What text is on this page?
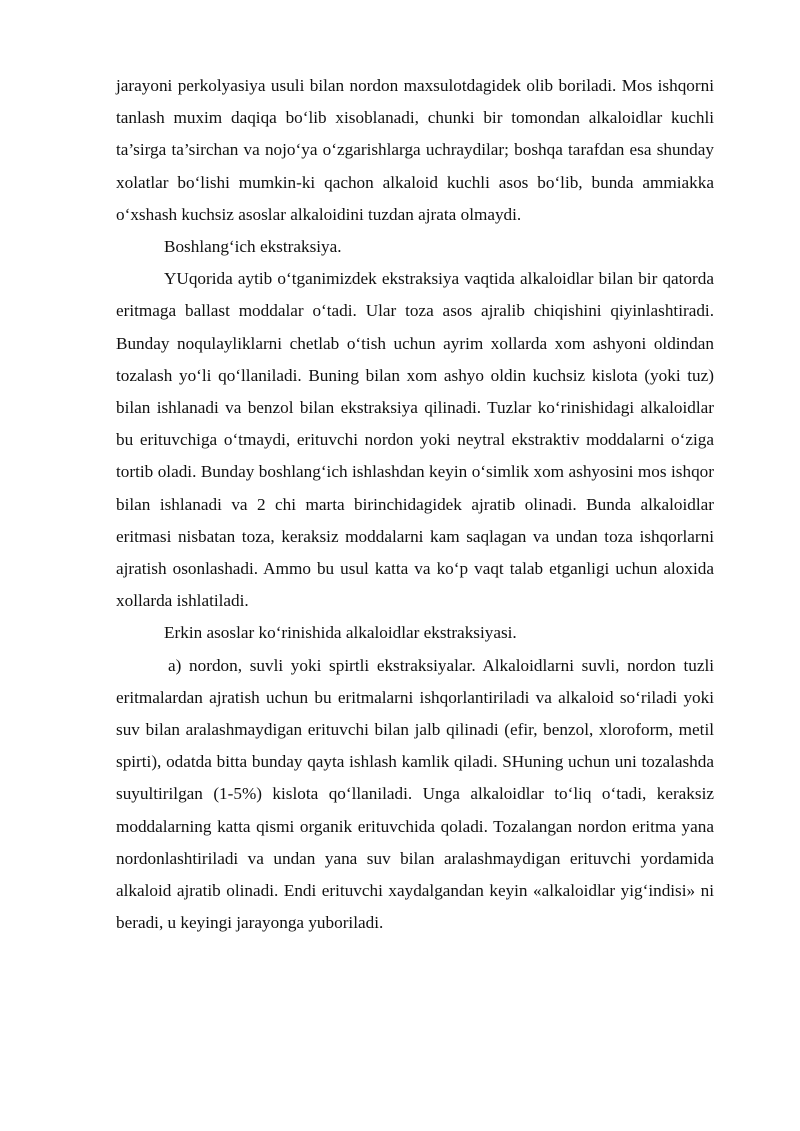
jarayoni perkolyasiya usuli bilan nordon maxsulotdagidek olib boriladi. Mos ishqorni tanlash muxim daqiqa bo‘lib xisoblanadi, chunki bir tomondan alkaloidlar kuchli ta’sirga ta’sirchan va nojo‘ya o‘zgarishlarga uchraydilar; boshqa tarafdan esa shunday xolatlar bo‘lishi mumkin-ki qachon alkaloid kuchli asos bo‘lib, bunda ammiakka o‘xshash kuchsiz asoslar alkaloidini tuzdan ajrata olmaydi.

Boshlang‘ich ekstraksiya.

YUqorida aytib o‘tganimizdek ekstraksiya vaqtida alkaloidlar bilan bir qatorda eritmaga ballast moddalar o‘tadi. Ular toza asos ajralib chiqishini qiyinlashtiradi. Bunday noqulayliklarni chetlab o‘tish uchun ayrim xollarda xom ashyoni oldindan tozalash yo‘li qo‘llaniladi. Buning bilan xom ashyo oldin kuchsiz kislota (yoki tuz) bilan ishlanadi va benzol bilan ekstraksiya qilinadi. Tuzlar ko‘rinishidagi alkaloidlar bu erituvchiga o‘tmaydi, erituvchi nordon yoki neytral ekstraktiv moddalarni o‘ziga tortib oladi. Bunday boshlang‘ich ishlashdan keyin o‘simlik xom ashyosini mos ishqor bilan ishlanadi va 2 chi marta birinchidagidek ajratib olinadi. Bunda alkaloidlar eritmasi nisbatan toza, keraksiz moddalarni kam saqlagan va undan toza ishqorlarni ajratish osonlashadi. Ammo bu usul katta va ko‘p vaqt talab etganligi uchun aloxida xollarda ishlatiladi.

Erkin asoslar ko‘rinishida alkaloidlar ekstraksiyasi.

a) nordon, suvli yoki spirtli ekstraksiyalar. Alkaloidlarni suvli, nordon tuzli eritmalardan ajratish uchun bu eritmalarni ishqorlantiriladi va alkaloid so‘riladi yoki suv bilan aralashmaydigan erituvchi bilan jalb qilinadi (efir, benzol, xloroform, metil spirti), odatda bitta bunday qayta ishlash kamlik qiladi. SHuning uchun uni tozalashda suyultirilgan (1-5%) kislota qo‘llaniladi. Unga alkaloidlar to‘liq o‘tadi, keraksiz moddalarning katta qismi organik erituvchida qoladi. Tozalangan nordon eritma yana nordonlashtiriladi va undan yana suv bilan aralashmaydigan erituvchi yordamida alkaloid ajratib olinadi. Endi erituvchi xaydalgandan keyin «alkaloidlar yig‘indisi» ni beradi, u keyingi jarayonga yuboriladi.
